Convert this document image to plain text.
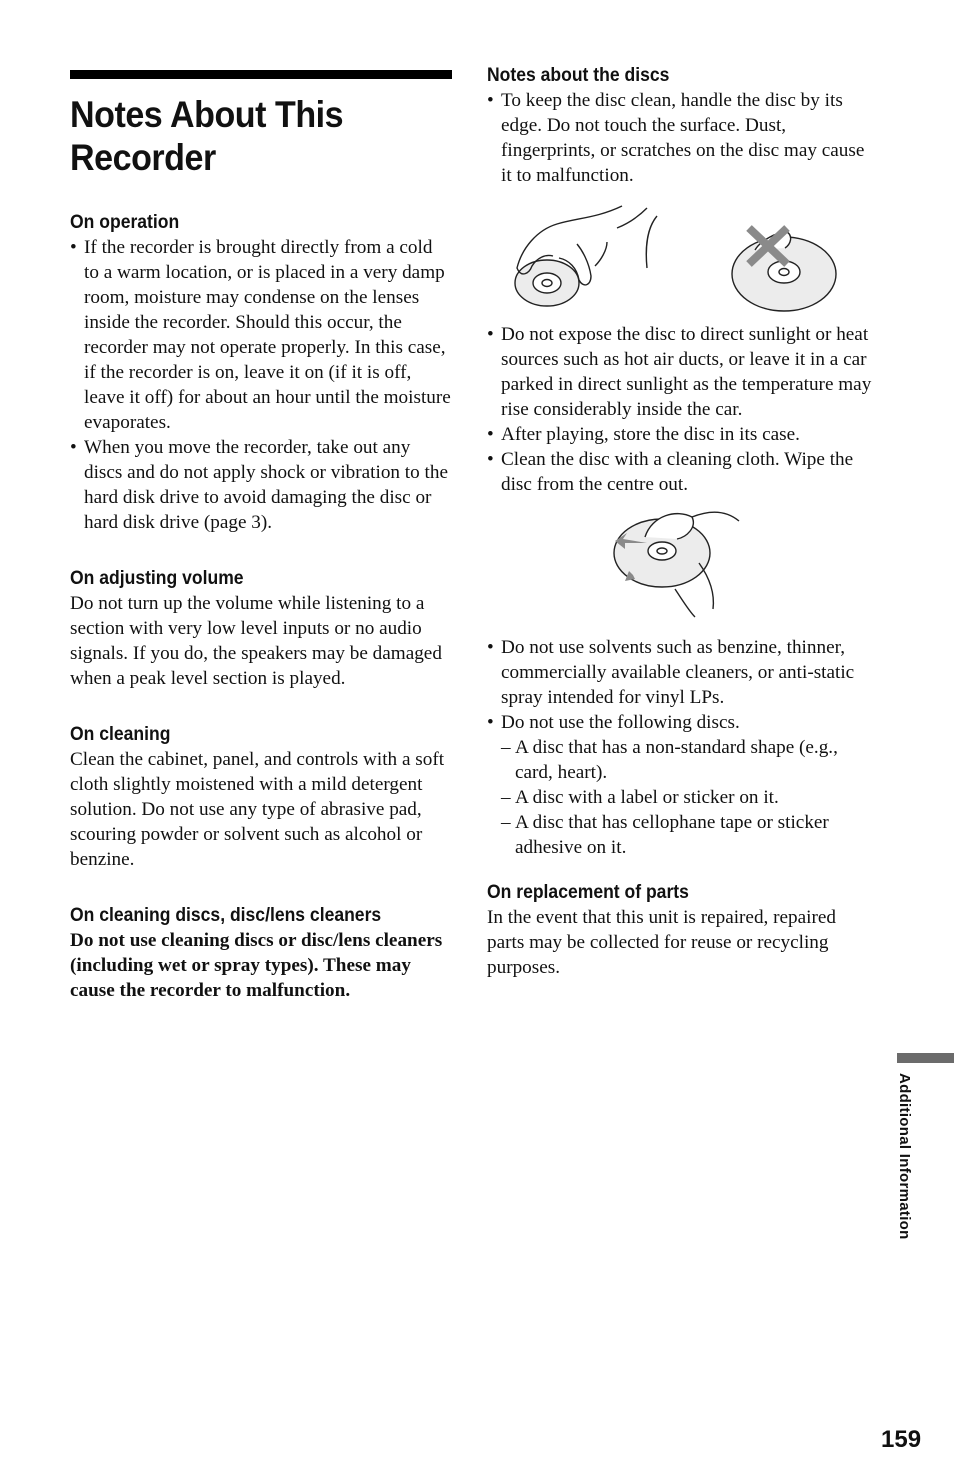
Notes About This Recorder
On operation
• If the recorder is brought directly from a cold to a warm location, or is placed in a very damp room, moisture may condense on the lenses inside the recorder. Should this occur, the recorder may not operate properly. In this case, if the recorder is on, leave it on (if it is off, leave it off) for about an hour until the moisture evaporates.
• When you move the recorder, take out any discs and do not apply shock or vibration to the hard disk drive to avoid damaging the disc or hard disk drive (page 3).
On adjusting volume

Do not turn up the volume while listening to a section with very low level inputs or no audio signals. If you do, the speakers may be damaged when a peak level section is played.

On cleaning

Clean the cabinet, panel, and controls with a soft cloth slightly moistened with a mild detergent solution. Do not use any type of abrasive pad, scouring powder or solvent such as alcohol or benzine.

On cleaning discs, disc/lens cleaners

Do not use cleaning discs or disc/lens cleaners (including wet or spray types). These may cause the recorder to malfunction.

Notes about the discs
• To keep the disc clean, handle the disc by its edge. Do not touch the surface. Dust, fingerprints, or scratches on the disc may cause it to malfunction.
• Do not expose the disc to direct sunlight or heat sources such as hot air ducts, or leave it in a car parked in direct sunlight as the temperature may rise considerably inside the car.
• After playing, store the disc in its case.
• Clean the disc with a cleaning cloth. Wipe the disc from the centre out.
• Do not use solvents such as benzine, thinner, commercially available cleaners, or anti-static spray intended for vinyl LPs.
• Do not use the following discs.
– A disc that has a non-standard shape (e.g., card, heart).
– A disc with a label or sticker on it.
– A disc that has cellophane tape or sticker adhesive on it.
On replacement of parts

In the event that this unit is repaired, repaired parts may be collected for reuse or recycling purposes.

Additional Information
159
